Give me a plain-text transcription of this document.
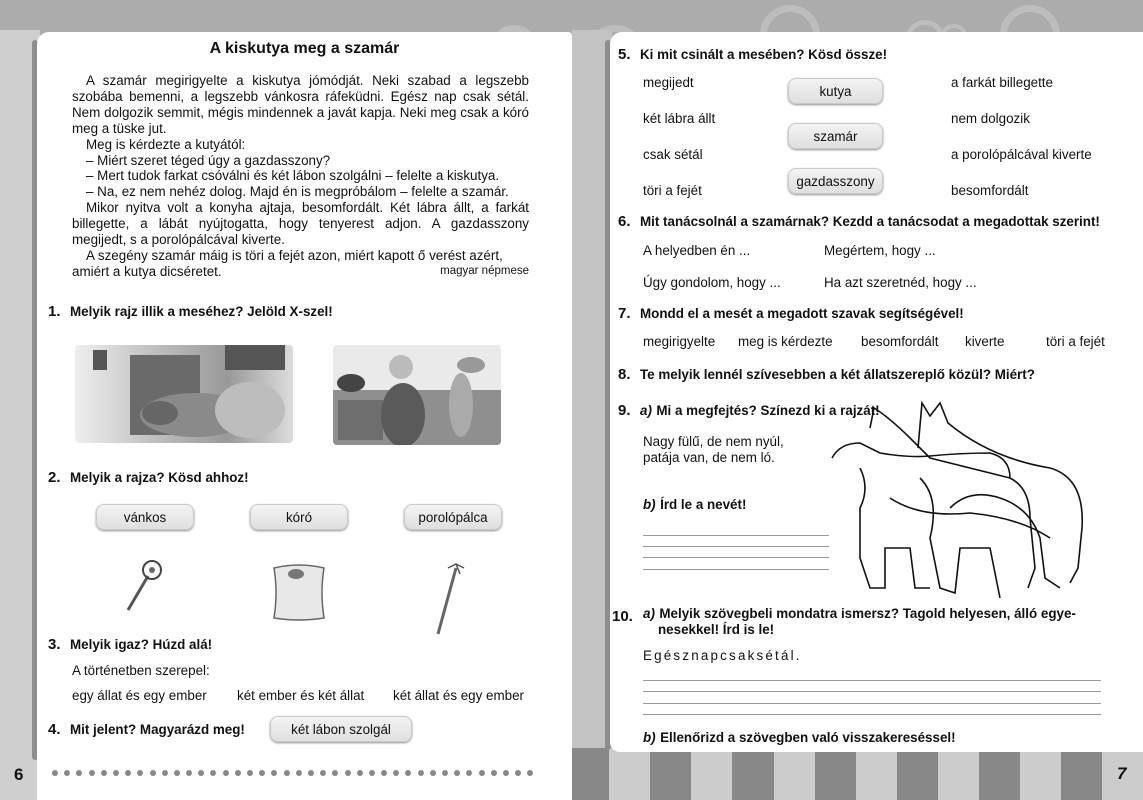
A kiskutya meg a szamár

A szamár megirigyelte a kiskutya jómódját. Neki szabad a legszebb szobába bemenni, a legszebb vánkosra ráfeküdni. Egész nap csak sétál. Nem dolgozik semmit, mégis mindennek a javát kapja. Neki meg csak a kóró meg a tüske jut.

Meg is kérdezte a kutyától:

– Miért szeret téged úgy a gazdasszony?

– Mert tudok farkat csóválni és két lábon szolgálni – felelte a kiskutya.

– Na, ez nem nehéz dolog. Majd én is megpróbálom – felelte a szamár.

Mikor nyitva volt a konyha ajtaja, besomfordált. Két lábra állt, a farkát billegette, a lábát nyújtogatta, hogy tenyerest adjon. A gazdasszony megijedt, s a porolópálcával kiverte.

A szegény szamár máig is töri a fejét azon, miért kapott ő verést azért, amiért a kutya dicséretet.	magyar népmese

1. Melyik rajz illik a meséhez? Jelöld X-szel!
2. Melyik a rajza? Kösd ahhoz!
vánkos	kóró	porolópálca
3. Melyik igaz? Húzd alá!
A történetben szerepel:
egy állat és egy ember két ember és két állat két állat és egy ember
4. Mit jelent? Magyarázd meg!	két lábon szolgál
6
5. Ki mit csinált a mesében? Kösd össze!
megijedt
két lábra állt
csak sétál
töri a fejét
kutya
szamár
gazdasszony
a farkát billegette
nem dolgozik
a porolópálcával kiverte
besomfordált
6. Mit tanácsolnál a szamárnak? Kezdd a tanácsodat a megadottak szerint!
A helyedben én ...	Megértem, hogy ...
Úgy gondolom, hogy ...	Ha azt szeretnéd, hogy ...
7. Mondd el a mesét a megadott szavak segítségével!
megirigyelte meg is kérdezte besomfordált kiverte	töri a fejét
8. Te melyik lennél szívesebben a két állatszereplő közül? Miért?
9. a) Mi a megfejtés? Színezd ki a rajzát!
Nagy fülű, de nem nyúl,
patája van, de nem ló.
b) Írd le a nevét!
10. a) Melyik szövegbeli mondatra ismersz? Tagold helyesen, álló egye-
nesekkel! Írd is le!
Egésznapcsaksétál.
b) Ellenőrizd a szövegben való visszakereséssel!
7
